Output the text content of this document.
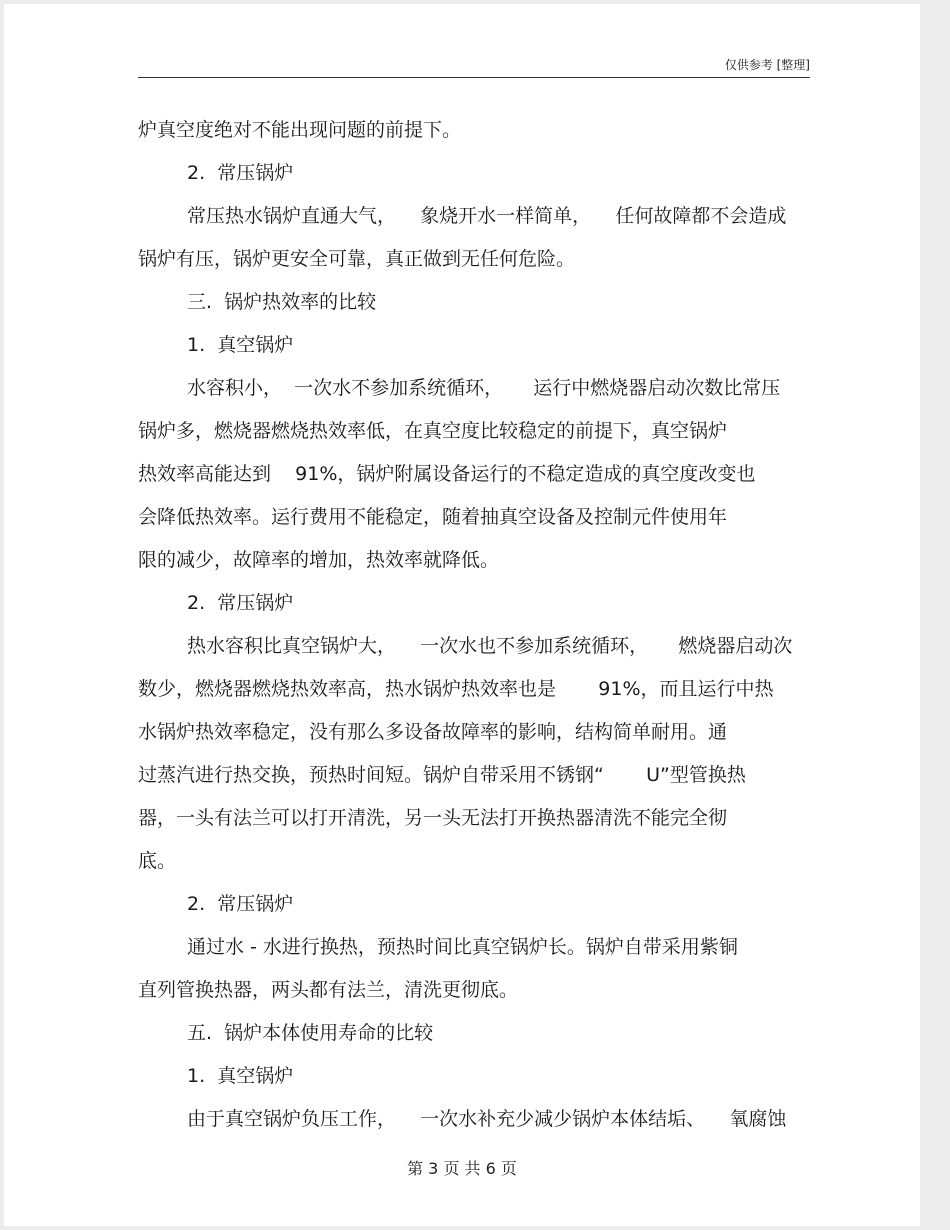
仅供参考 [整理]
炉真空度绝对不能出现问题的前提下。
2.  常压锅炉
常压热水锅炉直通大气，    象烧开水一样简单，    任何故障都不会造成
锅炉有压，锅炉更安全可靠，真正做到无任何危险。
三.  锅炉热效率的比较
1.  真空锅炉
水容积小，  一次水不参加系统循环，     运行中燃烧器启动次数比常压
锅炉多，燃烧器燃烧热效率低，在真空度比较稳定的前提下，真空锅炉
热效率高能达到    91%，锅炉附属设备运行的不稳定造成的真空度改变也
会降低热效率。运行费用不能稳定，随着抽真空设备及控制元件使用年
限的减少，故障率的增加，热效率就降低。
2.  常压锅炉
热水容积比真空锅炉大，    一次水也不参加系统循环，     燃烧器启动次
数少，燃烧器燃烧热效率高，热水锅炉热效率也是       91%，而且运行中热
水锅炉热效率稳定，没有那么多设备故障率的影响，结构简单耐用。通
过蒸汽进行热交换，预热时间短。锅炉自带采用不锈钢“       U”型管换热
器，一头有法兰可以打开清洗，另一头无法打开换热器清洗不能完全彻
底。
2.  常压锅炉
通过水 - 水进行换热，预热时间比真空锅炉长。锅炉自带采用紫铜
直列管换热器，两头都有法兰，清洗更彻底。
五.  锅炉本体使用寿命的比较
1.  真空锅炉
由于真空锅炉负压工作，    一次水补充少减少锅炉本体结垢、    氧腐蚀
第 3 页 共 6 页
